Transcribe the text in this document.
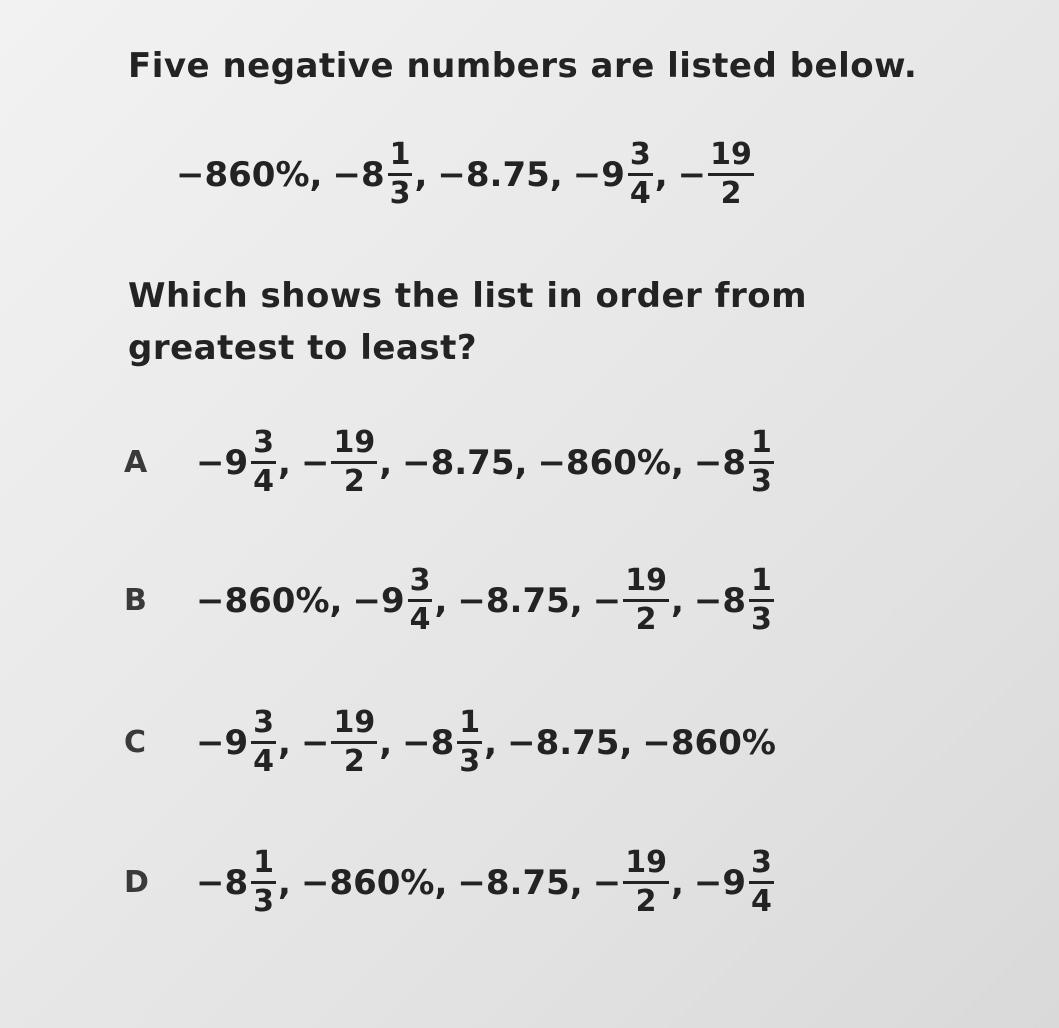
Five negative numbers are listed below.
−860% , $-8 \frac{1}{3}$ , −8.75 , $-9 \frac{3}{4}$ , − $\frac{19}{2}$
Which shows the list in order from
greatest to least?
A	$-9 \frac{3}{4}$ , − $\frac{19}{2}$ , −8.75 , −860% , $-8 \frac{1}{3}$
B	−860% , $-9 \frac{3}{4}$ , −8.75 , − $\frac{19}{2}$ , $-8 \frac{1}{3}$
C	$-9 \frac{3}{4}$ , − $\frac{19}{2}$ , $-8 \frac{1}{3}$ , −8.75 , −860%
D	$-8 \frac{1}{3}$ , −860% , −8.75 , − $\frac{19}{2}$ , $-9 \frac{3}{4}$
